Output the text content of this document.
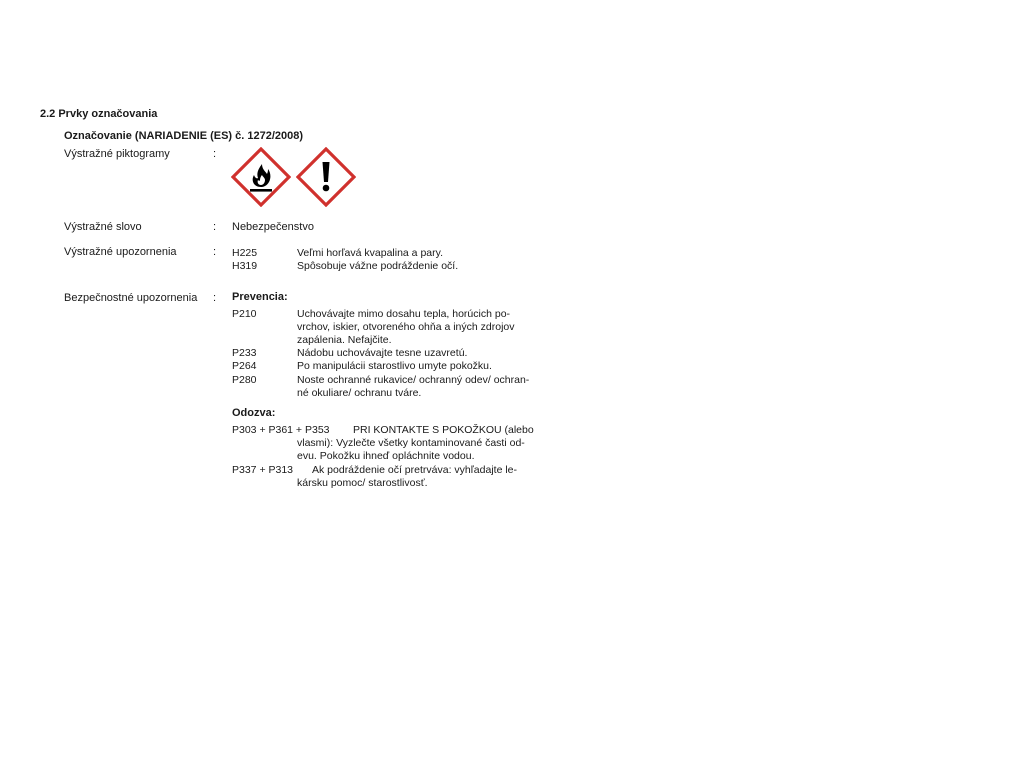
2.2 Prvky označovania
Označovanie (NARIADENIE (ES) č. 1272/2008)
Výstražné piktogramy	:
Výstražné slovo	: Nebezpečenstvo
Výstražné upozornenia	: H225	Veľmi horľavá kvapalina a pary.
H319	Spôsobuje vážne podráždenie očí.
Bezpečnostné upozornenia : Prevencia:
P210	Uchovávajte mimo dosahu tepla, horúcich po-
vrchov, iskier, otvoreného ohňa a iných zdrojov
zapálenia. Nefajčite.
P233	Nádobu uchovávajte tesne uzavretú.
P264	Po manipulácii starostlivo umyte pokožku.
P280	Noste ochranné rukavice/ ochranný odev/ ochran-
né okuliare/ ochranu tváre.
Odozva:
P303 + P361 + P353 PRI KONTAKTE S POKOŽKOU (alebo
vlasmi): Vyzlečte všetky kontaminované časti od-
evu. Pokožku ihneď opláchnite vodou.
P337 + P313 Ak podráždenie očí pretrváva: vyhľadajte le-
kársku pomoc/ starostlivosť.
